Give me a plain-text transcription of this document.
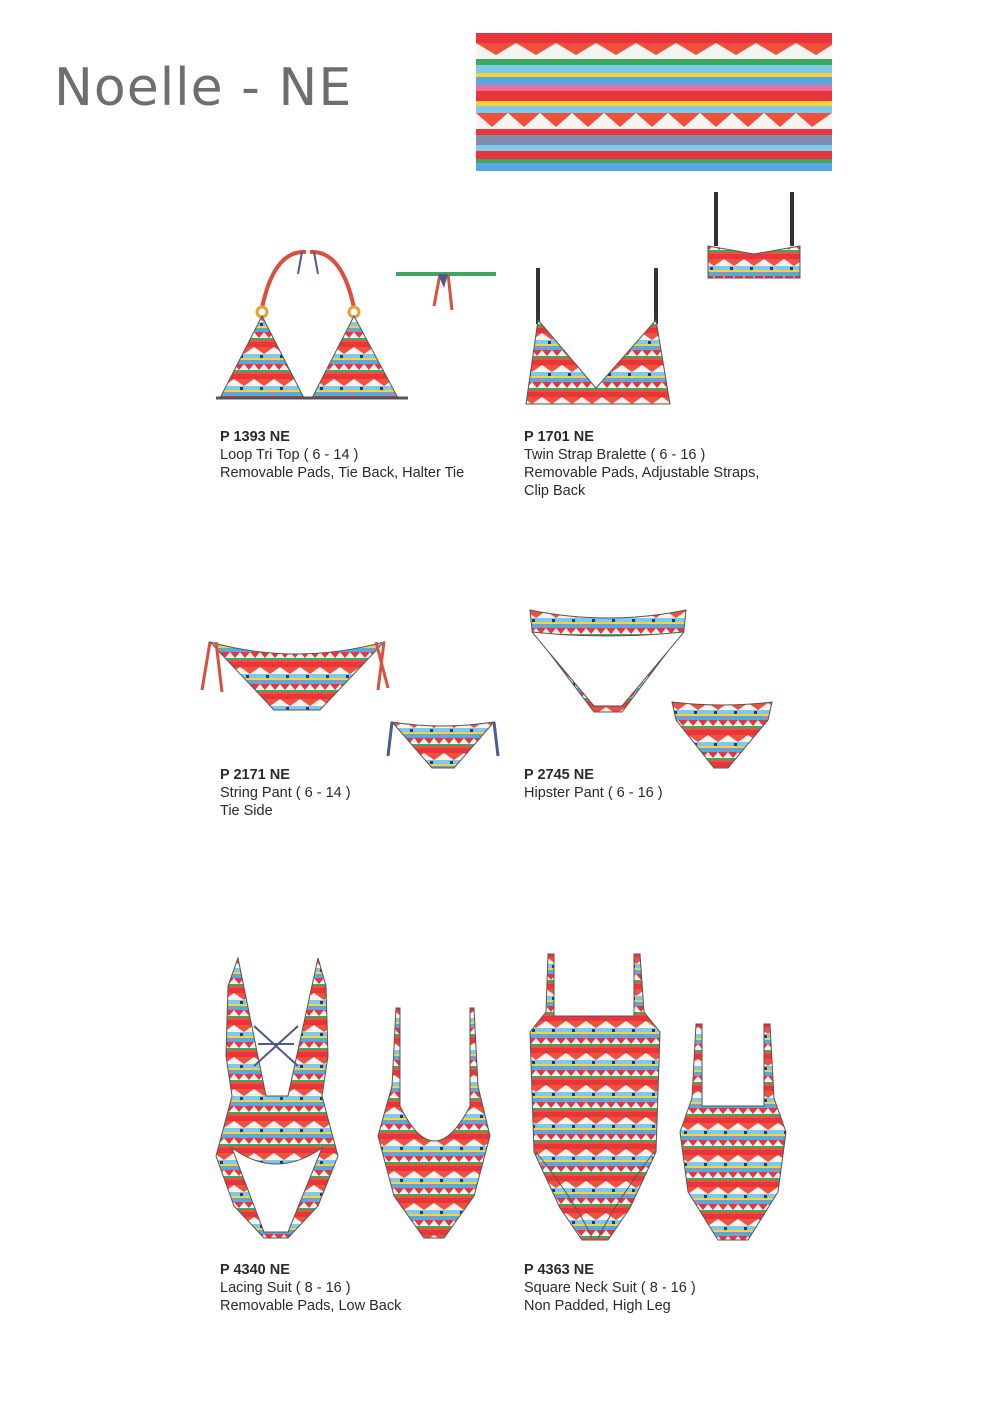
Noelle - NE
P 1393 NE
Loop Tri Top ( 6 - 14 )
Removable Pads, Tie Back, Halter Tie
P 1701 NE
Twin Strap Bralette ( 6 - 16 )
Removable Pads, Adjustable Straps,
Clip Back
P 2171 NE
String Pant ( 6 - 14 )
Tie Side
P 2745 NE
Hipster Pant ( 6 - 16 )
P 4340 NE
Lacing Suit ( 8 - 16 )
Removable Pads, Low Back
P 4363 NE
Square Neck Suit ( 8 - 16 )
Non Padded, High Leg
